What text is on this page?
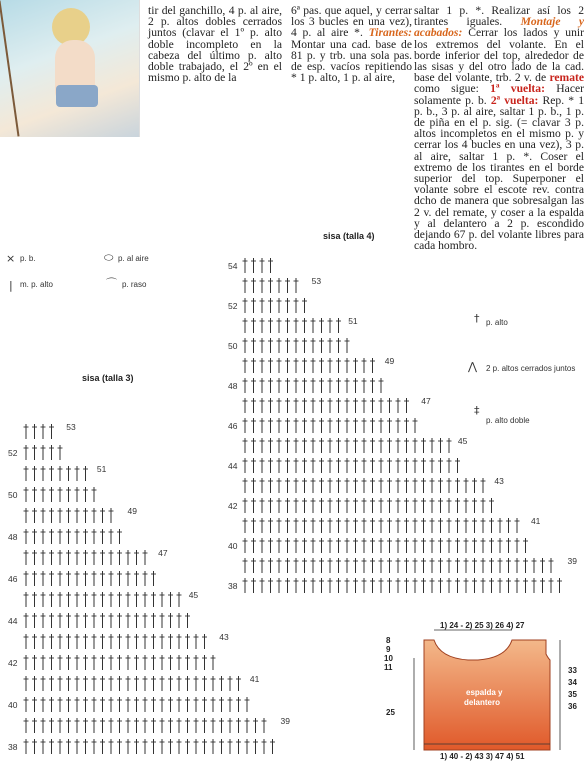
tir del ganchillo, 4 p. al aire, 2 p. altos dobles cerrados juntos (clavar el 1º p. alto doble incompleto en la cabeza del último p. alto doble trabajado, el 2º en el mismo p. alto de la

6ª pas. que aquel, y cerrar los 3 bucles en una vez), 4 p. al aire *. Tirantes: Montar una cad. base de 81 p. y trb. una sola pas. de esp. vacíos repitiendo * 1 p. alto, 1 p. al aire,

saltar 1 p. *. Realizar así los 2 tirantes iguales. Montaje y acabados: Cerrar los lados y unir los extremos del volante. En el borde inferior del top, alrededor de las sisas y del otro lado de la cad. base del volante, trb. 2 v. de remate como sigue: 1ª vuelta: Hacer solamente p. b. 2ª vuelta: Rep. * 1 p. b., 3 p. al aire, saltar 1 p. b., 1 p. de piña en el p. sig. (= clavar 3 p. altos incompletos en el mismo p. y cerrar los 4 bucles en una vez), 3 p. al aire, saltar 1 p. *. Coser el extremo de los tirantes en el borde superior del top. Superponer el volante sobre el escote rev. contra dcho de manera que sobresalgan las 2 v. del remate, y coser a la espalda y al delantero a 2 p. escondido dejando 67 p. del volante libres para cada hombro.

× p. b.	⬭ p. al aire
| m. p. alto	⌒ p. raso
† p. alto
⋀ 2 p. altos cerrados juntos
‡
p. alto doble
sisa (talla 3)
sisa (talla 4)
38
39
40
41
42
43
44
45
46
47
48
49
50
51
52
53
38
39
40
41
42
43
44
45
46
47
48
49
50
51
52
53
54
1) 24 - 2) 25 3) 26 4) 27
8
9
10
11
25
33
34
35
36
espalda y
delantero
1) 40 - 2) 43 3) 47 4) 51
